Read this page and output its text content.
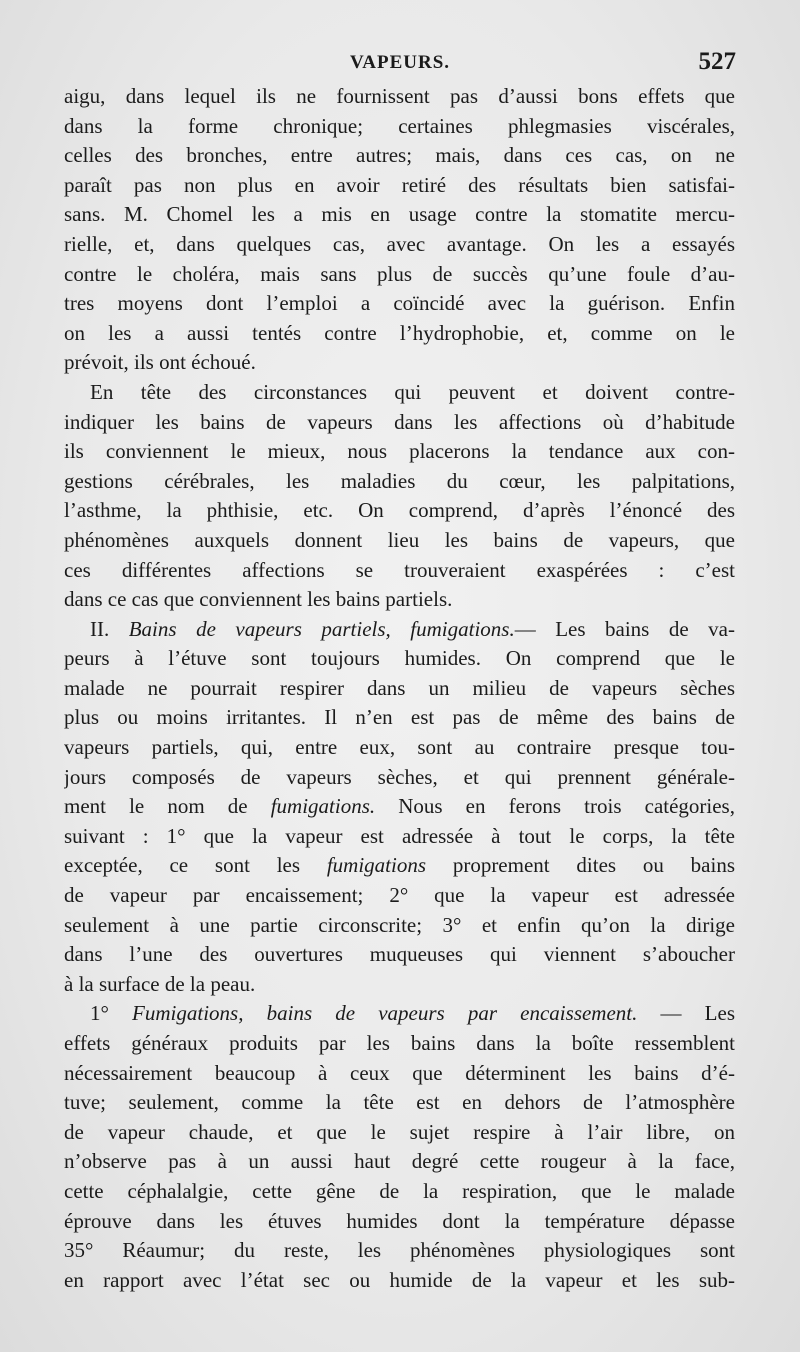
VAPEURS.	527
aigu, dans lequel ils ne fournissent pas d’aussi bons effets que
dans la forme chronique; certaines phlegmasies viscérales,
celles des bronches, entre autres; mais, dans ces cas, on ne
paraît pas non plus en avoir retiré des résultats bien satisfai-
sans. M. Chomel les a mis en usage contre la stomatite mercu-
rielle, et, dans quelques cas, avec avantage. On les a essayés
contre le choléra, mais sans plus de succès qu’une foule d’au-
tres moyens dont l’emploi a coïncidé avec la guérison. Enfin
on les a aussi tentés contre l’hydrophobie, et, comme on le
prévoit, ils ont échoué.
En tête des circonstances qui peuvent et doivent contre-
indiquer les bains de vapeurs dans les affections où d’habitude
ils conviennent le mieux, nous placerons la tendance aux con-
gestions cérébrales, les maladies du cœur, les palpitations,
l’asthme, la phthisie, etc. On comprend, d’après l’énoncé des
phénomènes auxquels donnent lieu les bains de vapeurs, que
ces différentes affections se trouveraient exaspérées : c’est
dans ce cas que conviennent les bains partiels.
II. Bains de vapeurs partiels, fumigations.— Les bains de va-
peurs à l’étuve sont toujours humides. On comprend que le
malade ne pourrait respirer dans un milieu de vapeurs sèches
plus ou moins irritantes. Il n’en est pas de même des bains de
vapeurs partiels, qui, entre eux, sont au contraire presque tou-
jours composés de vapeurs sèches, et qui prennent générale-
ment le nom de fumigations. Nous en ferons trois catégories,
suivant : 1° que la vapeur est adressée à tout le corps, la tête
exceptée, ce sont les fumigations proprement dites ou bains
de vapeur par encaissement; 2° que la vapeur est adressée
seulement à une partie circonscrite; 3° et enfin qu’on la dirige
dans l’une des ouvertures muqueuses qui viennent s’aboucher
à la surface de la peau.
1° Fumigations, bains de vapeurs par encaissement. — Les
effets généraux produits par les bains dans la boîte ressemblent
nécessairement beaucoup à ceux que déterminent les bains d’é-
tuve; seulement, comme la tête est en dehors de l’atmosphère
de vapeur chaude, et que le sujet respire à l’air libre, on
n’observe pas à un aussi haut degré cette rougeur à la face,
cette céphalalgie, cette gêne de la respiration, que le malade
éprouve dans les étuves humides dont la température dépasse
35° Réaumur; du reste, les phénomènes physiologiques sont
en rapport avec l’état sec ou humide de la vapeur et les sub-
